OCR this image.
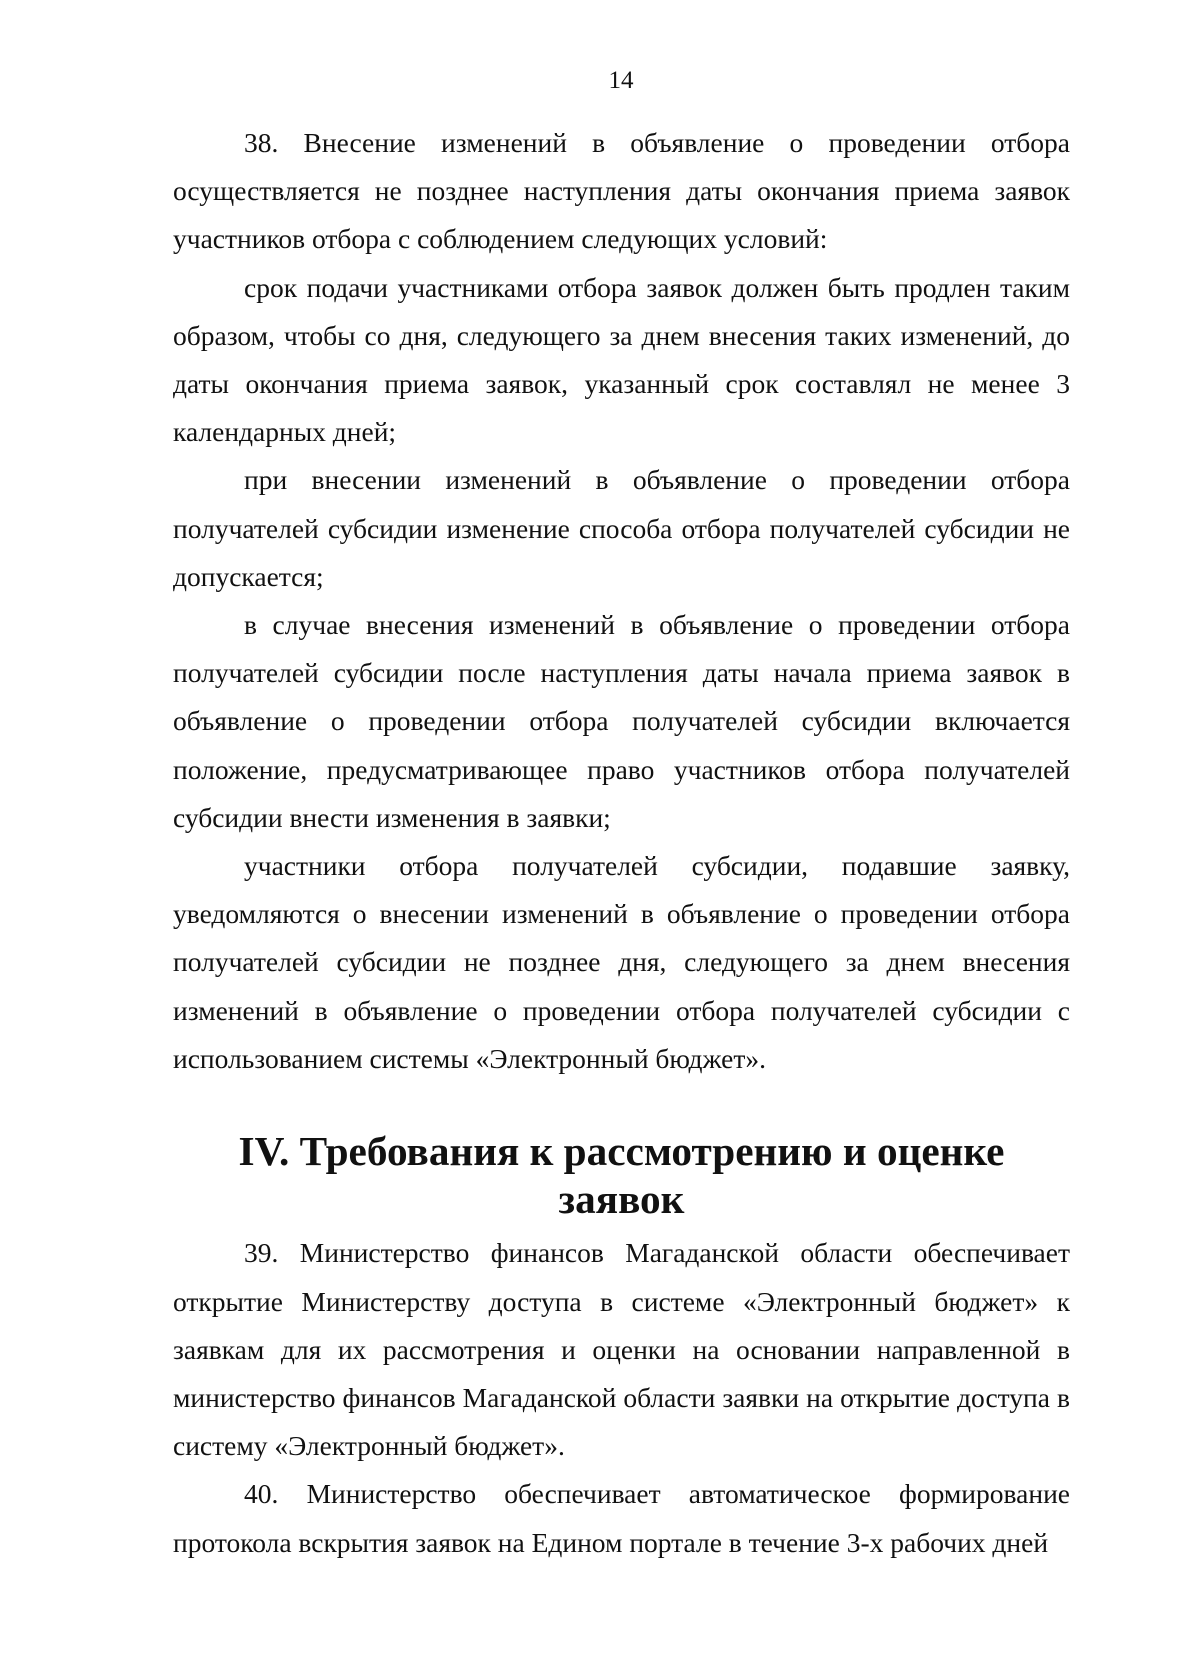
14

38. Внесение изменений в объявление о проведении отбора осуществляется не позднее наступления даты окончания приема заявок участников отбора с соблюдением следующих условий:

срок подачи участниками отбора заявок должен быть продлен таким образом, чтобы со дня, следующего за днем внесения таких изменений, до даты окончания приема заявок, указанный срок составлял не менее 3 календарных дней;

при внесении изменений в объявление о проведении отбора получателей субсидии изменение способа отбора получателей субсидии не допускается;

в случае внесения изменений в объявление о проведении отбора получателей субсидии после наступления даты начала приема заявок в объявление о проведении отбора получателей субсидии включается положение, предусматривающее право участников отбора получателей субсидии внести изменения в заявки;

участники отбора получателей субсидии, подавшие заявку, уведомляются о внесении изменений в объявление о проведении отбора получателей субсидии не позднее дня, следующего за днем внесения изменений в объявление о проведении отбора получателей субсидии с использованием системы «Электронный бюджет».

IV. Требования к рассмотрению и оценке заявок

39. Министерство финансов Магаданской области обеспечивает открытие Министерству доступа в системе «Электронный бюджет» к заявкам для их рассмотрения и оценки на основании направленной в министерство финансов Магаданской области заявки на открытие доступа в систему «Электронный бюджет».

40. Министерство обеспечивает автоматическое формирование протокола вскрытия заявок на Едином портале в течение 3-х рабочих дней
